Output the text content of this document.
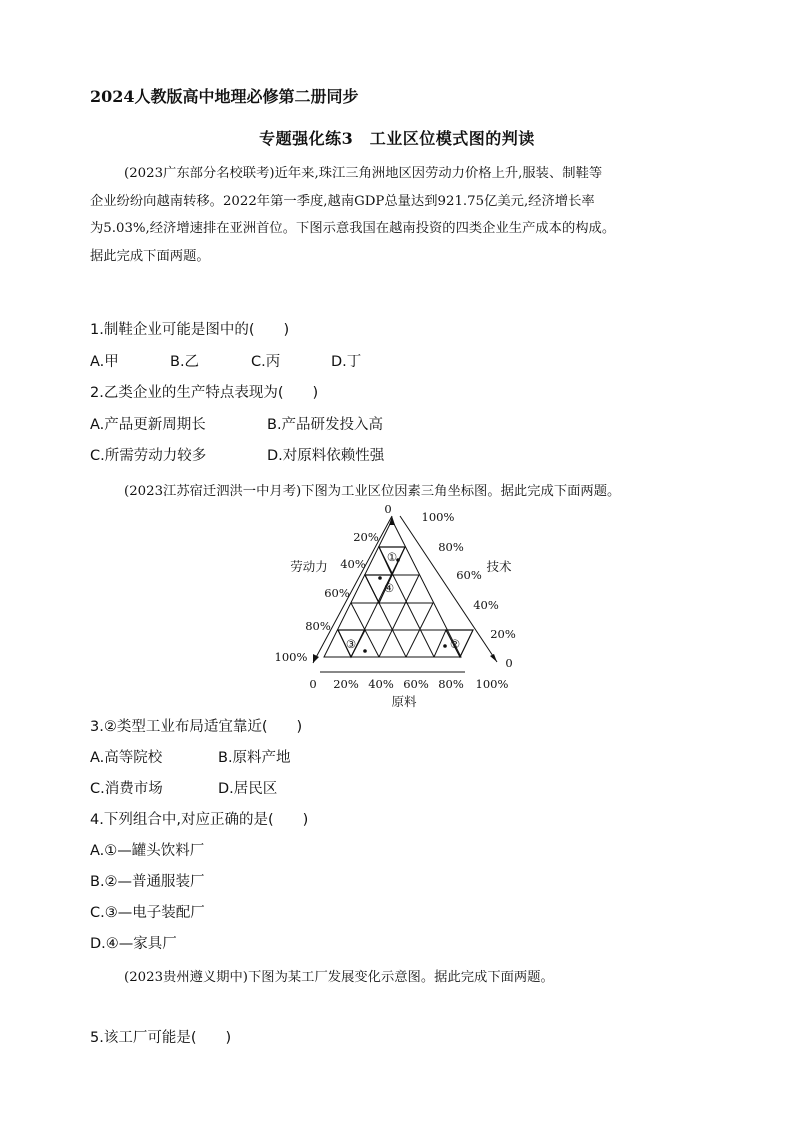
2024人教版高中地理必修第二册同步
专题强化练3　工业区位模式图的判读

(2023广东部分名校联考)近年来,珠江三角洲地区因劳动力价格上升,服装、制鞋等

企业纷纷向越南转移。2022年第一季度,越南GDP总量达到921.75亿美元,经济增长率

为5.03%,经济增速排在亚洲首位。下图示意我国在越南投资的四类企业生产成本的构成。

据此完成下面两题。

1.制鞋企业可能是图中的(　　)
A.甲	B.乙	C.丙	D.丁
2.乙类企业的生产特点表现为(　　)
A.产品更新周期长	B.产品研发投入高
C.所需劳动力较多	D.对原料依赖性强
(2023江苏宿迁泗洪一中月考)下图为工业区位因素三角坐标图。据此完成下面两题。
①
②
③
④
0
20%
40%
60%
80%
100%
100%
80%
60%
40%
20%
0
0 20% 40% 60% 80% 100%
劳动力	技术
原料
3.②类型工业布局适宜靠近(　　)
A.高等院校	B.原料产地
C.消费市场	D.居民区
4.下列组合中,对应正确的是(　　)
A.①—罐头饮料厂
B.②—普通服装厂
C.③—电子装配厂
D.④—家具厂
(2023贵州遵义期中)下图为某工厂发展变化示意图。据此完成下面两题。
5.该工厂可能是(　　)
